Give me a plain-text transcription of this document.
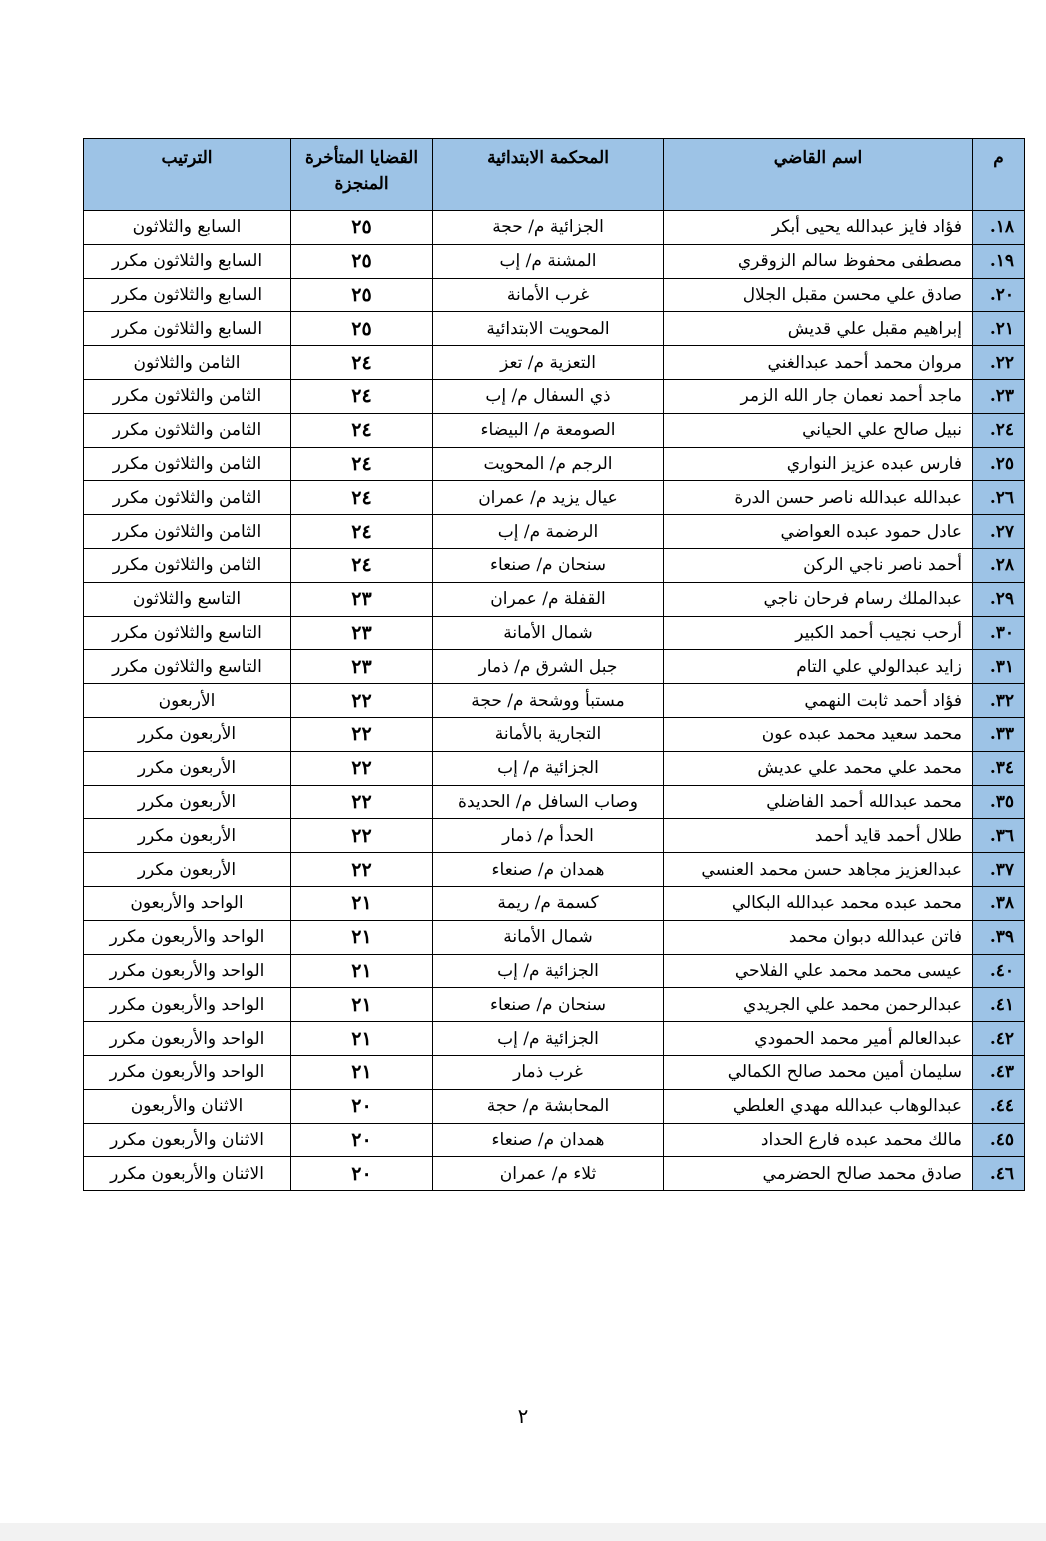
م	اسم القاضي	المحكمة الابتدائية	القضايا المتأخرة المنجزة	الترتيب
١٨.	فؤاد فايز عبدالله يحيى أبكر	الجزائية م/ حجة	٢٥	السابع والثلاثون
١٩.	مصطفى محفوظ سالم الزوقري	المشنة م/ إب	٢٥	السابع والثلاثون مكرر
٢٠.	صادق علي محسن مقبل الجلال	غرب الأمانة	٢٥	السابع والثلاثون مكرر
٢١.	إبراهيم مقبل علي قديش	المحويت الابتدائية	٢٥	السابع والثلاثون مكرر
٢٢.	مروان محمد أحمد عبدالغني	التعزية م/ تعز	٢٤	الثامن والثلاثون
٢٣.	ماجد أحمد نعمان جار الله الزمر	ذي السفال م/ إب	٢٤	الثامن والثلاثون مكرر
٢٤.	نبيل صالح علي الحياني	الصومعة م/ البيضاء	٢٤	الثامن والثلاثون مكرر
٢٥.	فارس عبده عزيز النواري	الرجم م/ المحويت	٢٤	الثامن والثلاثون مكرر
٢٦.	عبدالله عبدالله ناصر حسن الدرة	عيال يزيد م/ عمران	٢٤	الثامن والثلاثون مكرر
٢٧.	عادل حمود عبده العواضي	الرضمة م/ إب	٢٤	الثامن والثلاثون مكرر
٢٨.	أحمد ناصر ناجي الركن	سنحان م/ صنعاء	٢٤	الثامن والثلاثون مكرر
٢٩.	عبدالملك رسام فرحان ناجي	القفلة م/ عمران	٢٣	التاسع والثلاثون
٣٠.	أرحب نجيب أحمد الكبير	شمال الأمانة	٢٣	التاسع والثلاثون مكرر
٣١.	زايد عبدالولي علي التام	جبل الشرق م/ ذمار	٢٣	التاسع والثلاثون مكرر
٣٢.	فؤاد أحمد ثابت النهمي	مستبأ ووشحة م/ حجة	٢٢	الأربعون
٣٣.	محمد سعيد محمد عبده عون	التجارية بالأمانة	٢٢	الأربعون مكرر
٣٤.	محمد علي محمد علي عديش	الجزائية م/ إب	٢٢	الأربعون مكرر
٣٥.	محمد عبدالله أحمد الفاضلي	وصاب السافل م/ الحديدة	٢٢	الأربعون مكرر
٣٦.	طلال أحمد قايد أحمد	الحدأ م/ ذمار	٢٢	الأربعون مكرر
٣٧.	عبدالعزيز مجاهد حسن محمد العنسي	همدان م/ صنعاء	٢٢	الأربعون مكرر
٣٨.	محمد عبده محمد عبدالله البكالي	كسمة م/ ريمة	٢١	الواحد والأربعون
٣٩.	فاتن عبدالله دبوان محمد	شمال الأمانة	٢١	الواحد والأربعون مكرر
٤٠.	عيسى محمد محمد علي الفلاحي	الجزائية م/ إب	٢١	الواحد والأربعون مكرر
٤١.	عبدالرحمن محمد علي الجريدي	سنحان م/ صنعاء	٢١	الواحد والأربعون مكرر
٤٢.	عبدالعالم أمير محمد الحمودي	الجزائية م/ إب	٢١	الواحد والأربعون مكرر
٤٣.	سليمان أمين محمد صالح الكمالي	غرب ذمار	٢١	الواحد والأربعون مكرر
٤٤.	عبدالوهاب عبدالله مهدي العلطي	المحابشة م/ حجة	٢٠	الاثنان والأربعون
٤٥.	مالك محمد عبده فارع الحداد	همدان م/ صنعاء	٢٠	الاثنان والأربعون مكرر
٤٦.	صادق محمد صالح الحضرمي	ثلاء م/ عمران	٢٠	الاثنان والأربعون مكرر
٢
